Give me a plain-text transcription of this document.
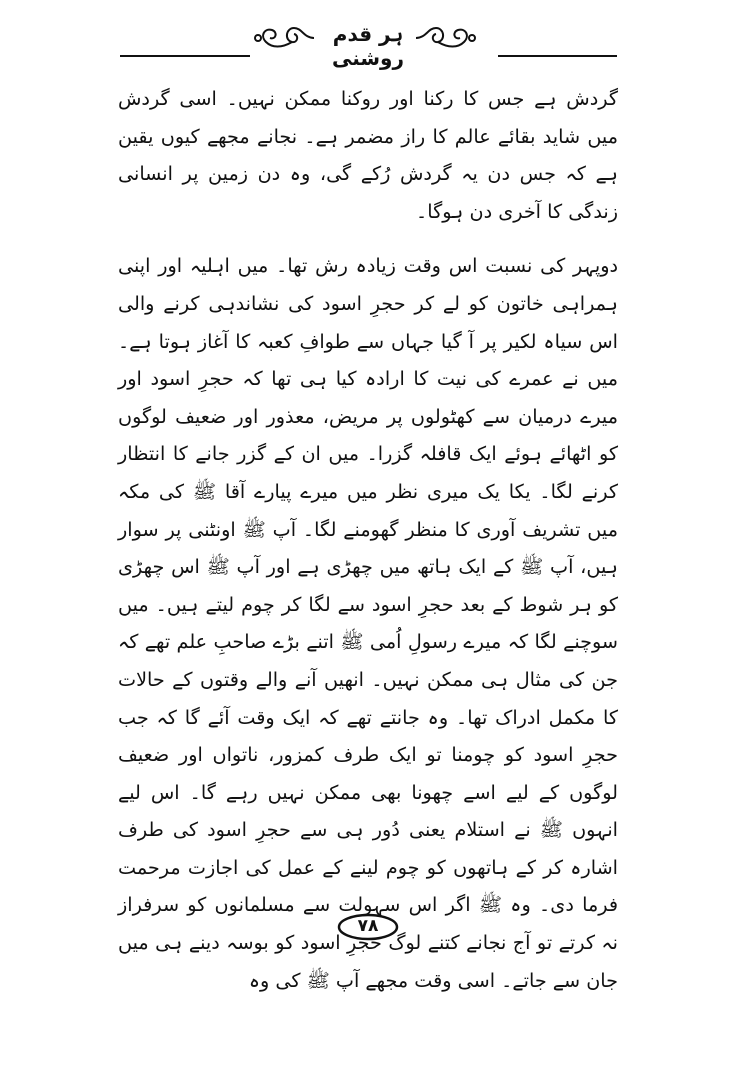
ہر قدم روشنی

گردش ہے جس کا رکنا اور روکنا ممکن نہیں۔ اسی گردش میں شاید بقائے عالم کا راز مضمر ہے۔ نجانے مجھے کیوں یقین ہے کہ جس دن یہ گردش رُکے گی، وہ دن زمین پر انسانی زندگی کا آخری دن ہوگا۔

دوپہر کی نسبت اس وقت زیادہ رش تھا۔ میں اہلیہ اور اپنی ہمراہی خاتون کو لے کر حجرِ اسود کی نشاندہی کرنے والی اس سیاہ لکیر پر آ گیا جہاں سے طوافِ کعبہ کا آغاز ہوتا ہے۔ میں نے عمرے کی نیت کا ارادہ کیا ہی تھا کہ حجرِ اسود اور میرے درمیان سے کھٹولوں پر مریض، معذور اور ضعیف لوگوں کو اٹھائے ہوئے ایک قافلہ گزرا۔ میں ان کے گزر جانے کا انتظار کرنے لگا۔ یکا یک میری نظر میں میرے پیارے آقا ﷺ کی مکہ میں تشریف آوری کا منظر گھومنے لگا۔ آپ ﷺ اونٹنی پر سوار ہیں، آپ ﷺ کے ایک ہاتھ میں چھڑی ہے اور آپ ﷺ اس چھڑی کو ہر شوط کے بعد حجرِ اسود سے لگا کر چوم لیتے ہیں۔ میں سوچنے لگا کہ میرے رسولِ اُمی ﷺ اتنے بڑے صاحبِ علم تھے کہ جن کی مثال ہی ممکن نہیں۔ انھیں آنے والے وقتوں کے حالات کا مکمل ادراک تھا۔ وہ جانتے تھے کہ ایک وقت آئے گا کہ جب حجرِ اسود کو چومنا تو ایک طرف کمزور، ناتواں اور ضعیف لوگوں کے لیے اسے چھونا بھی ممکن نہیں رہے گا۔ اس لیے انہوں ﷺ نے استلام یعنی دُور ہی سے حجرِ اسود کی طرف اشارہ کر کے ہاتھوں کو چوم لینے کے عمل کی اجازت مرحمت فرما دی۔ وہ ﷺ اگر اس سہولت سے مسلمانوں کو سرفراز نہ کرتے تو آج نجانے کتنے لوگ حجرِ اسود کو بوسہ دینے ہی میں جان سے جاتے۔ اسی وقت مجھے آپ ﷺ کی وہ

۷۸
